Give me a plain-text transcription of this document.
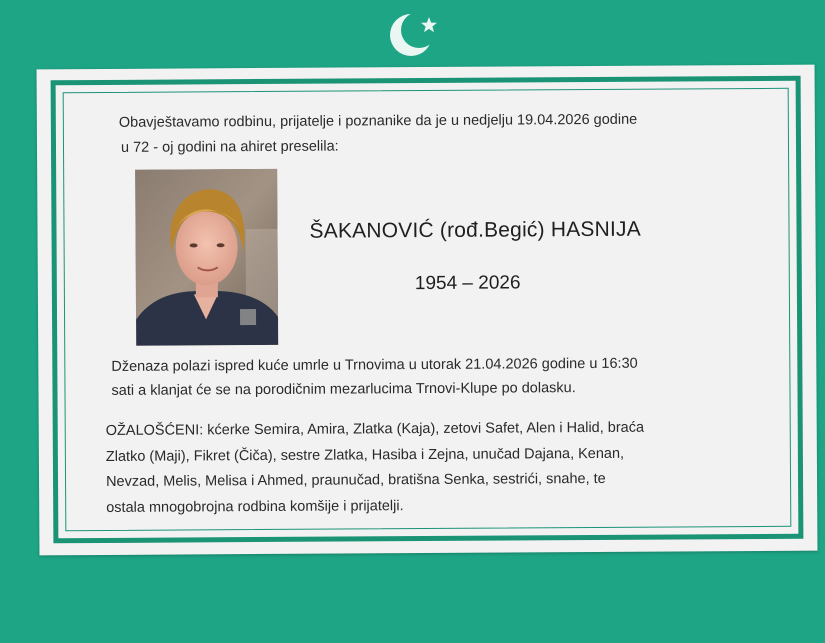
Obavještavamo rodbinu, prijatelje i poznanike da je u nedjelju 19.04.2026 godine

u 72 - oj godini na ahiret preselila:

ŠAKANOVIĆ (rođ.Begić) HASNIJA
1954 – 2026

Dženaza polazi ispred kuće umrle u Trnovima u utorak 21.04.2026 godine u 16:30

sati a klanjat će se na porodičnim mezarlucima Trnovi-Klupe po dolasku.

OŽALOŠĆENI: kćerke Semira, Amira, Zlatka (Kaja), zetovi Safet, Alen i Halid, braća

Zlatko (Maji), Fikret (Čiča), sestre Zlatka, Hasiba i Zejna, unučad Dajana, Kenan,

Nevzad, Melis, Melisa i Ahmed, praunučad, bratišna Senka, sestrići, snahe, te

ostala mnogobrojna rodbina komšije i prijatelji.
